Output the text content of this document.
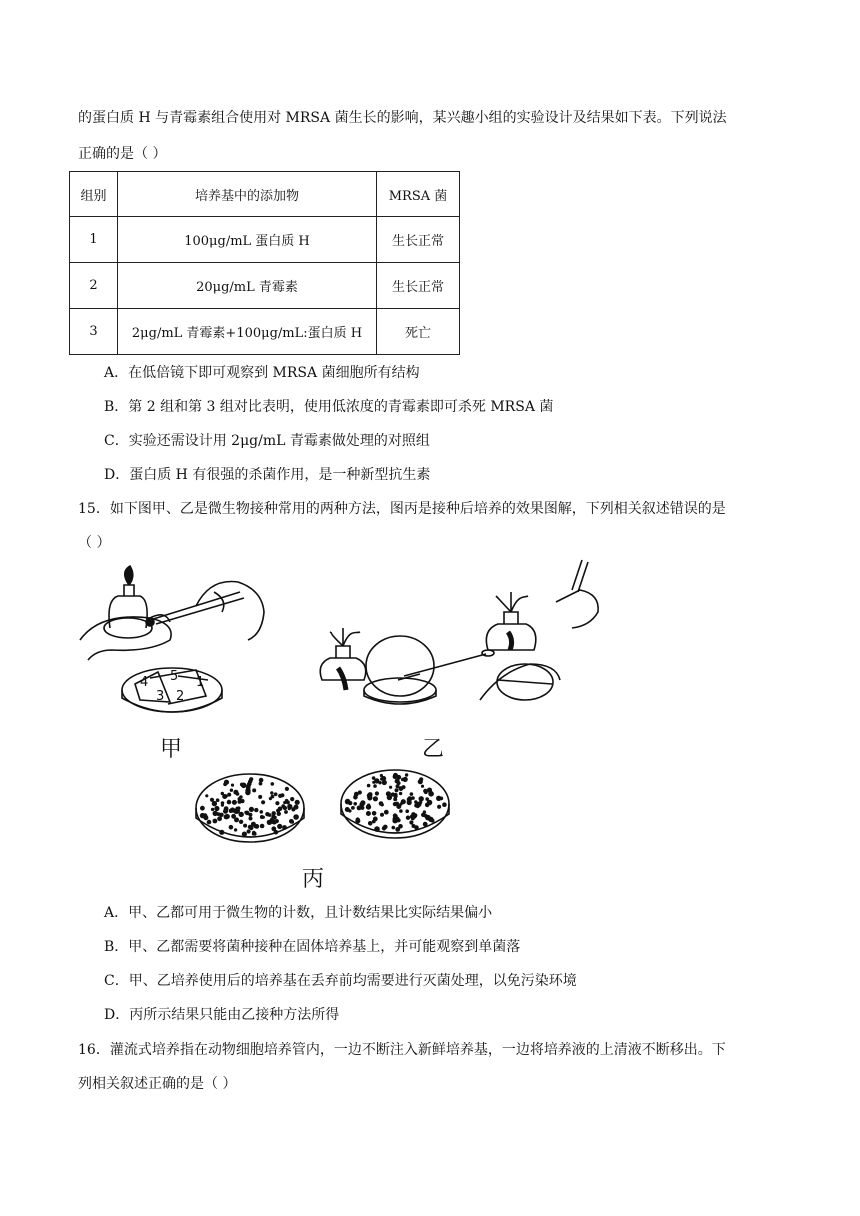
的蛋白质 H 与青霉素组合使用对 MRSA 菌生长的影响，某兴趣小组的实验设计及结果如下表。下列说法
正确的是（ ）
组别	培养基中的添加物	MRSA 菌
1	100μg/mL 蛋白质 H	生长正常
2	20μg/mL 青霉素	生长正常
3	2μg/mL 青霉素+100μg/mL:蛋白质 H	死亡
A．在低倍镜下即可观察到 MRSA 菌细胞所有结构
B．第 2 组和第 3 组对比表明，使用低浓度的青霉素即可杀死 MRSA 菌
C．实验还需设计用 2μg/mL 青霉素做处理的对照组
D．蛋白质 H 有很强的杀菌作用，是一种新型抗生素
15．如下图甲、乙是微生物接种常用的两种方法，图丙是接种后培养的效果图解，下列相关叙述错误的是
（ ）
4 5 1
3 2
甲	乙
丙
A．甲、乙都可用于微生物的计数，且计数结果比实际结果偏小
B．甲、乙都需要将菌种接种在固体培养基上，并可能观察到单菌落
C．甲、乙培养使用后的培养基在丢弃前均需要进行灭菌处理，以免污染环境
D．丙所示结果只能由乙接种方法所得
16．灌流式培养指在动物细胞培养管内，一边不断注入新鲜培养基，一边将培养液的上清液不断移出。下
列相关叙述正确的是（ ）
